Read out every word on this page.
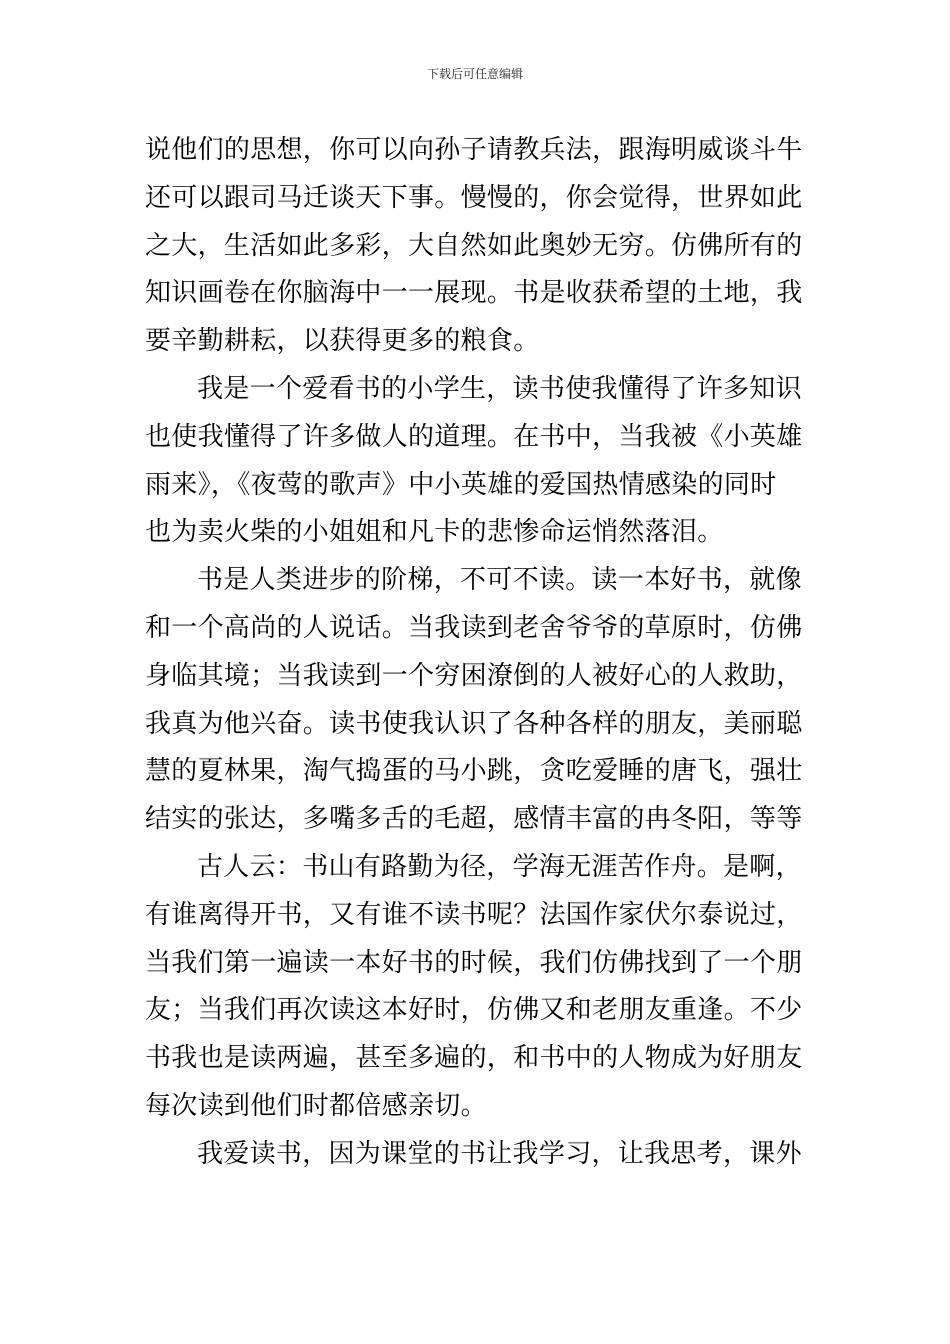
下载后可任意编辑
说他们的思想，你可以向孙子请教兵法，跟海明威谈斗牛
还可以跟司马迁谈天下事。慢慢的，你会觉得，世界如此
之大，生活如此多彩，大自然如此奥妙无穷。仿佛所有的
知识画卷在你脑海中一一展现。书是收获希望的土地，我
要辛勤耕耘，以获得更多的粮食。
我是一个爱看书的小学生，读书使我懂得了许多知识
也使我懂得了许多做人的道理。在书中，当我被《小英雄
雨来》，《夜莺的歌声》中小英雄的爱国热情感染的同时
也为卖火柴的小姐姐和凡卡的悲惨命运悄然落泪。
书是人类进步的阶梯，不可不读。读一本好书，就像
和一个高尚的人说话。当我读到老舍爷爷的草原时，仿佛
身临其境；当我读到一个穷困潦倒的人被好心的人救助，
我真为他兴奋。读书使我认识了各种各样的朋友，美丽聪
慧的夏林果，淘气捣蛋的马小跳，贪吃爱睡的唐飞，强壮
结实的张达，多嘴多舌的毛超，感情丰富的冉冬阳，等等
古人云：书山有路勤为径，学海无涯苦作舟。是啊，
有谁离得开书，又有谁不读书呢？法国作家伏尔泰说过，
当我们第一遍读一本好书的时候，我们仿佛找到了一个朋
友；当我们再次读这本好时，仿佛又和老朋友重逢。不少
书我也是读两遍，甚至多遍的，和书中的人物成为好朋友
每次读到他们时都倍感亲切。
我爱读书，因为课堂的书让我学习，让我思考，课外
